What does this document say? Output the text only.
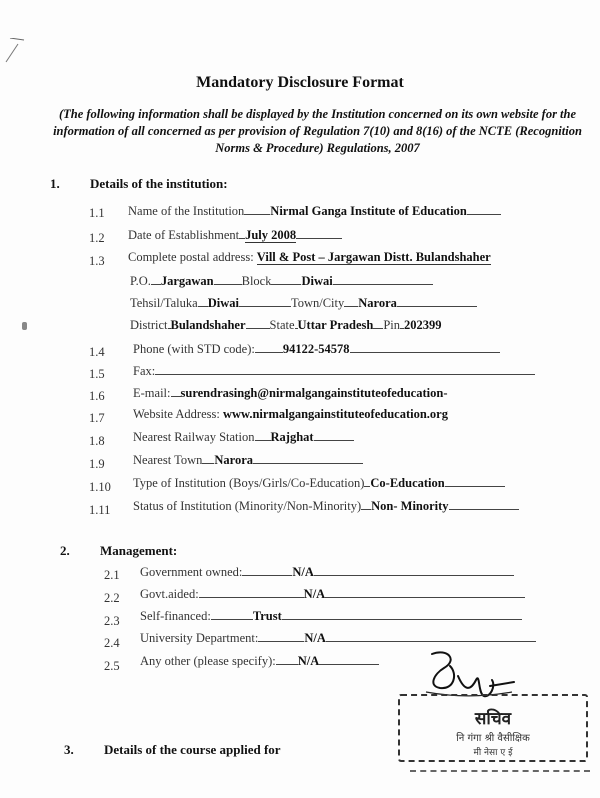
Mandatory Disclosure Format
(The following information shall be displayed by the Institution concerned on its own website for the information of all concerned as per provision of Regulation 7(10) and 8(16) of the NCTE (Recognition Norms & Procedure) Regulations, 2007
1. Details of the institution:
1.1 Name of the Institution Nirmal Ganga Institute of Education
1.2 Date of Establishment July 2008
1.3 Complete postal address: Vill & Post – Jargawan Distt. Bulandshaher
P.O. Jargawan Block Diwai
Tehsil/Taluka Diwai	Town/City Narora
District Bulandshaher State Uttar Pradesh Pin 202399
1.4 Phone (with STD code): 94122-54578
1.5 Fax:
1.6 E-mail: surendrasingh@nirmalgangainstituteofeducation-
1.7 Website Address: www.nirmalgangainstituteofeducation.org
1.8 Nearest Railway Station Rajghat
1.9 Nearest Town Narora
1.10 Type of Institution (Boys/Girls/Co-Education) Co-Education
1.11 Status of Institution (Minority/Non-Minority) Non- Minority
2. Management:
2.1 Government owned:	N/A
2.2 Govt.aided:	N/A
2.3 Self-financed:	Trust
2.4 University Department:	N/A
2.5 Any other (please specify): N/A
सचिव
नि गंगा श्री वैसीक्षिक
मी नेसा ए ई
3. Details of the course applied for
